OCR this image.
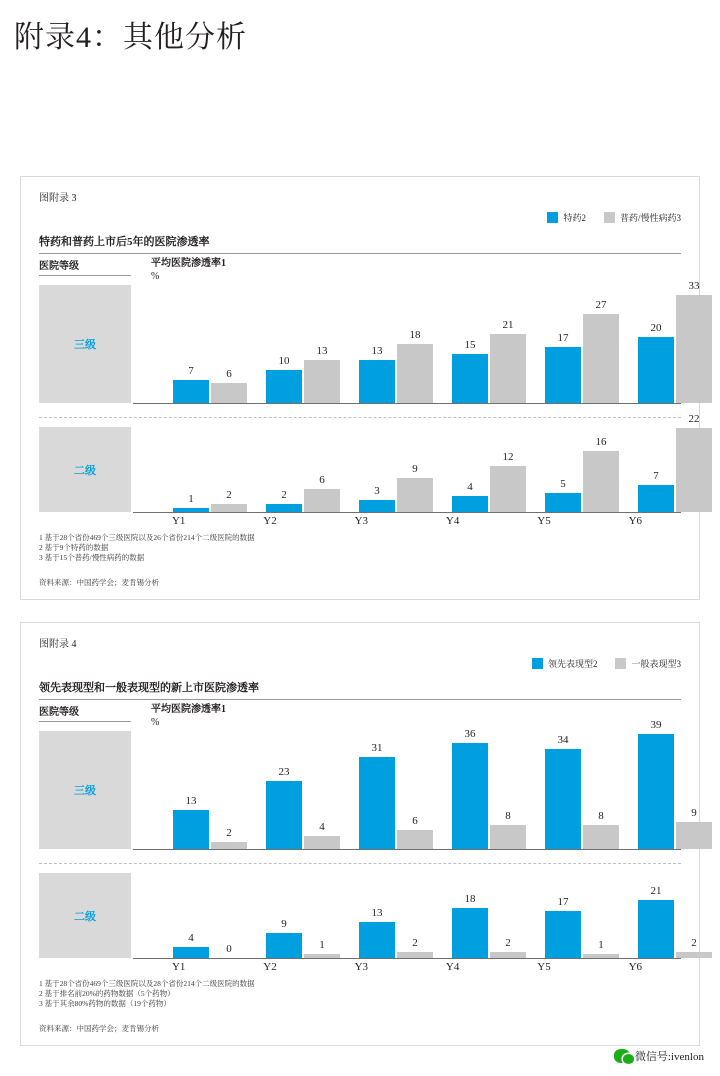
附录4：其他分析
图附录 3
特药2	普药/慢性病药3
特药和普药上市后5年的医院渗透率
医院等级	平均医院渗透率1
%
三级
7	6
10
13	13
18
15
21
17
27
20
33
二级
1	2	2
6
3
9
4
12
5
16
7
22
Y1	Y2	Y3	Y4	Y5	Y6
1 基于28个省份469个三级医院以及26个省份214个二级医院的数据
2 基于9个特药的数据
3 基于15个普药/慢性病药的数据
资料来源：中国药学会；麦肯锡分析
图附录 4
领先表现型2	一般表现型3
领先表现型和一般表现型的新上市医院渗透率
医院等级	平均医院渗透率1
%
三级
13
2
23
4
31
6
36
8
34
8
39
9
二级
4
0
9
1
13
2
18
2
17
1
21
2
Y1	Y2	Y3	Y4	Y5	Y6
1 基于28个省份469个三级医院以及28个省份214个二级医院的数据
2 基于排名前20%的药物数据（5个药物）
3 基于其余80%药物的数据（19个药物）
资料来源：中国药学会；麦肯锡分析
微信号:ivenlon
